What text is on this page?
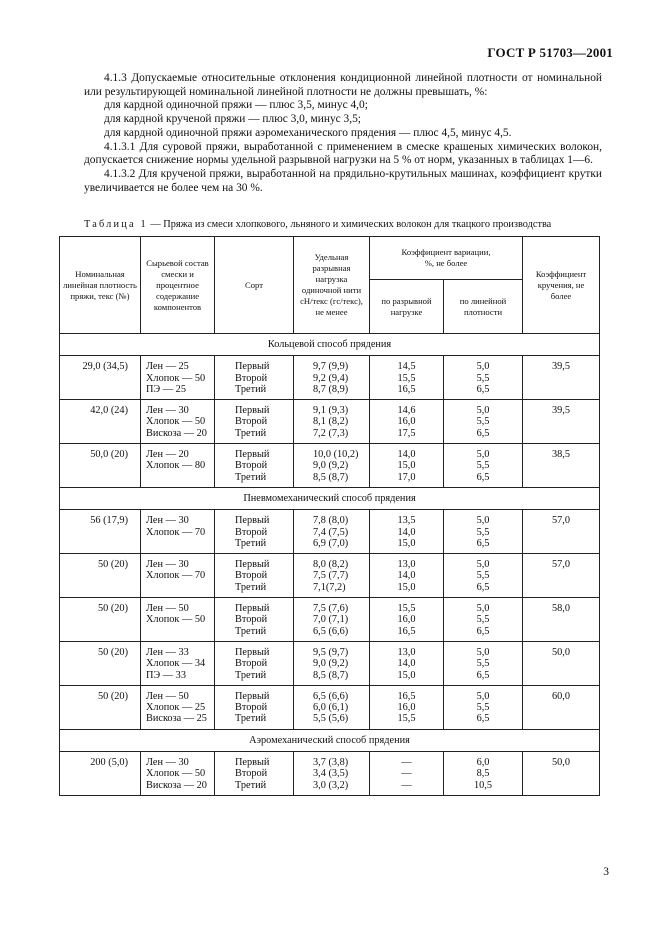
ГОСТ Р 51703—2001

4.1.3 Допускаемые относительные отклонения кондиционной линейной плотности от номинальной или результирующей номинальной линейной плотности не должны превышать, %:

для кардной одиночной пряжи — плюс 3,5, минус 4,0;

для кардной крученой пряжи — плюс 3,0, минус 3,5;

для кардной одиночной пряжи аэромеханического прядения — плюс 4,5, минус 4,5.

4.1.3.1 Для суровой пряжи, выработанной с применением в смеске крашеных химических волокон, допускается снижение нормы удельной разрывной нагрузки на 5 % от норм, указанных в таблицах 1—6.

4.1.3.2 Для крученой пряжи, выработанной на прядильно-крутильных машинах, коэффициент крутки увеличивается не более чем на 30 %.

Таблица 1 — Пряжа из смеси хлопкового, льняного и химических волокон для ткацкого производства
Номинальная линейная плотность пряжи, текс (№)	Сырьевой состав смески и процентное содержание компонентов	Сорт	Удельная разрывная нагрузка одиночной нити сН/текс (гс/текс), не менее	Коэффициент вариации, %, не более		Коэффициент кручения, не более
				по разрывной нагрузке	по линейной плотности	
Кольцевой способ прядения						
29,0 (34,5)	Лен — 25
Хлопок — 50
ПЭ — 25	Первый
Второй
Третий	9,7 (9,9)
9,2 (9,4)
8,7 (8,9)	14,5
15,5
16,5	5,0
5,5
6,5	39,5
42,0 (24)	Лен — 30
Хлопок — 50
Вискоза — 20	Первый
Второй
Третий	9,1 (9,3)
8,1 (8,2)
7,2 (7,3)	14,6
16,0
17,5	5,0
5,5
6,5	39,5
50,0 (20)	Лен — 20
Хлопок — 80	Первый
Второй
Третий	10,0 (10,2)
9,0 (9,2)
8,5 (8,7)	14,0
15,0
17,0	5,0
5,5
6,5	38,5
Пневмомеханический способ прядения						
56 (17,9)	Лен — 30
Хлопок — 70	Первый
Второй
Третий	7,8 (8,0)
7,4 (7,5)
6,9 (7,0)	13,5
14,0
15,0	5,0
5,5
6,5	57,0
50 (20)	Лен — 30
Хлопок — 70	Первый
Второй
Третий	8,0 (8,2)
7,5 (7,7)
7,1(7,2)	13,0
14,0
15,0	5,0
5,5
6,5	57,0
50 (20)	Лен — 50
Хлопок — 50	Первый
Второй
Третий	7,5 (7,6)
7,0 (7,1)
6,5 (6,6)	15,5
16,0
16,5	5,0
5,5
6,5	58,0
50 (20)	Лен — 33
Хлопок — 34
ПЭ — 33	Первый
Второй
Третий	9,5 (9,7)
9,0 (9,2)
8,5 (8,7)	13,0
14,0
15,0	5,0
5,5
6,5	50,0
50 (20)	Лен — 50
Хлопок — 25
Вискоза — 25	Первый
Второй
Третий	6,5 (6,6)
6,0 (6,1)
5,5 (5,6)	16,5
16,0
15,5	5,0
5,5
6,5	60,0
Аэромеханический способ прядения						
200 (5,0)	Лен — 30
Хлопок — 50
Вискоза — 20	Первый
Второй
Третий	3,7 (3,8)
3,4 (3,5)
3,0 (3,2)	—
—
—	6,0
8,5
10,5	50,0
3
